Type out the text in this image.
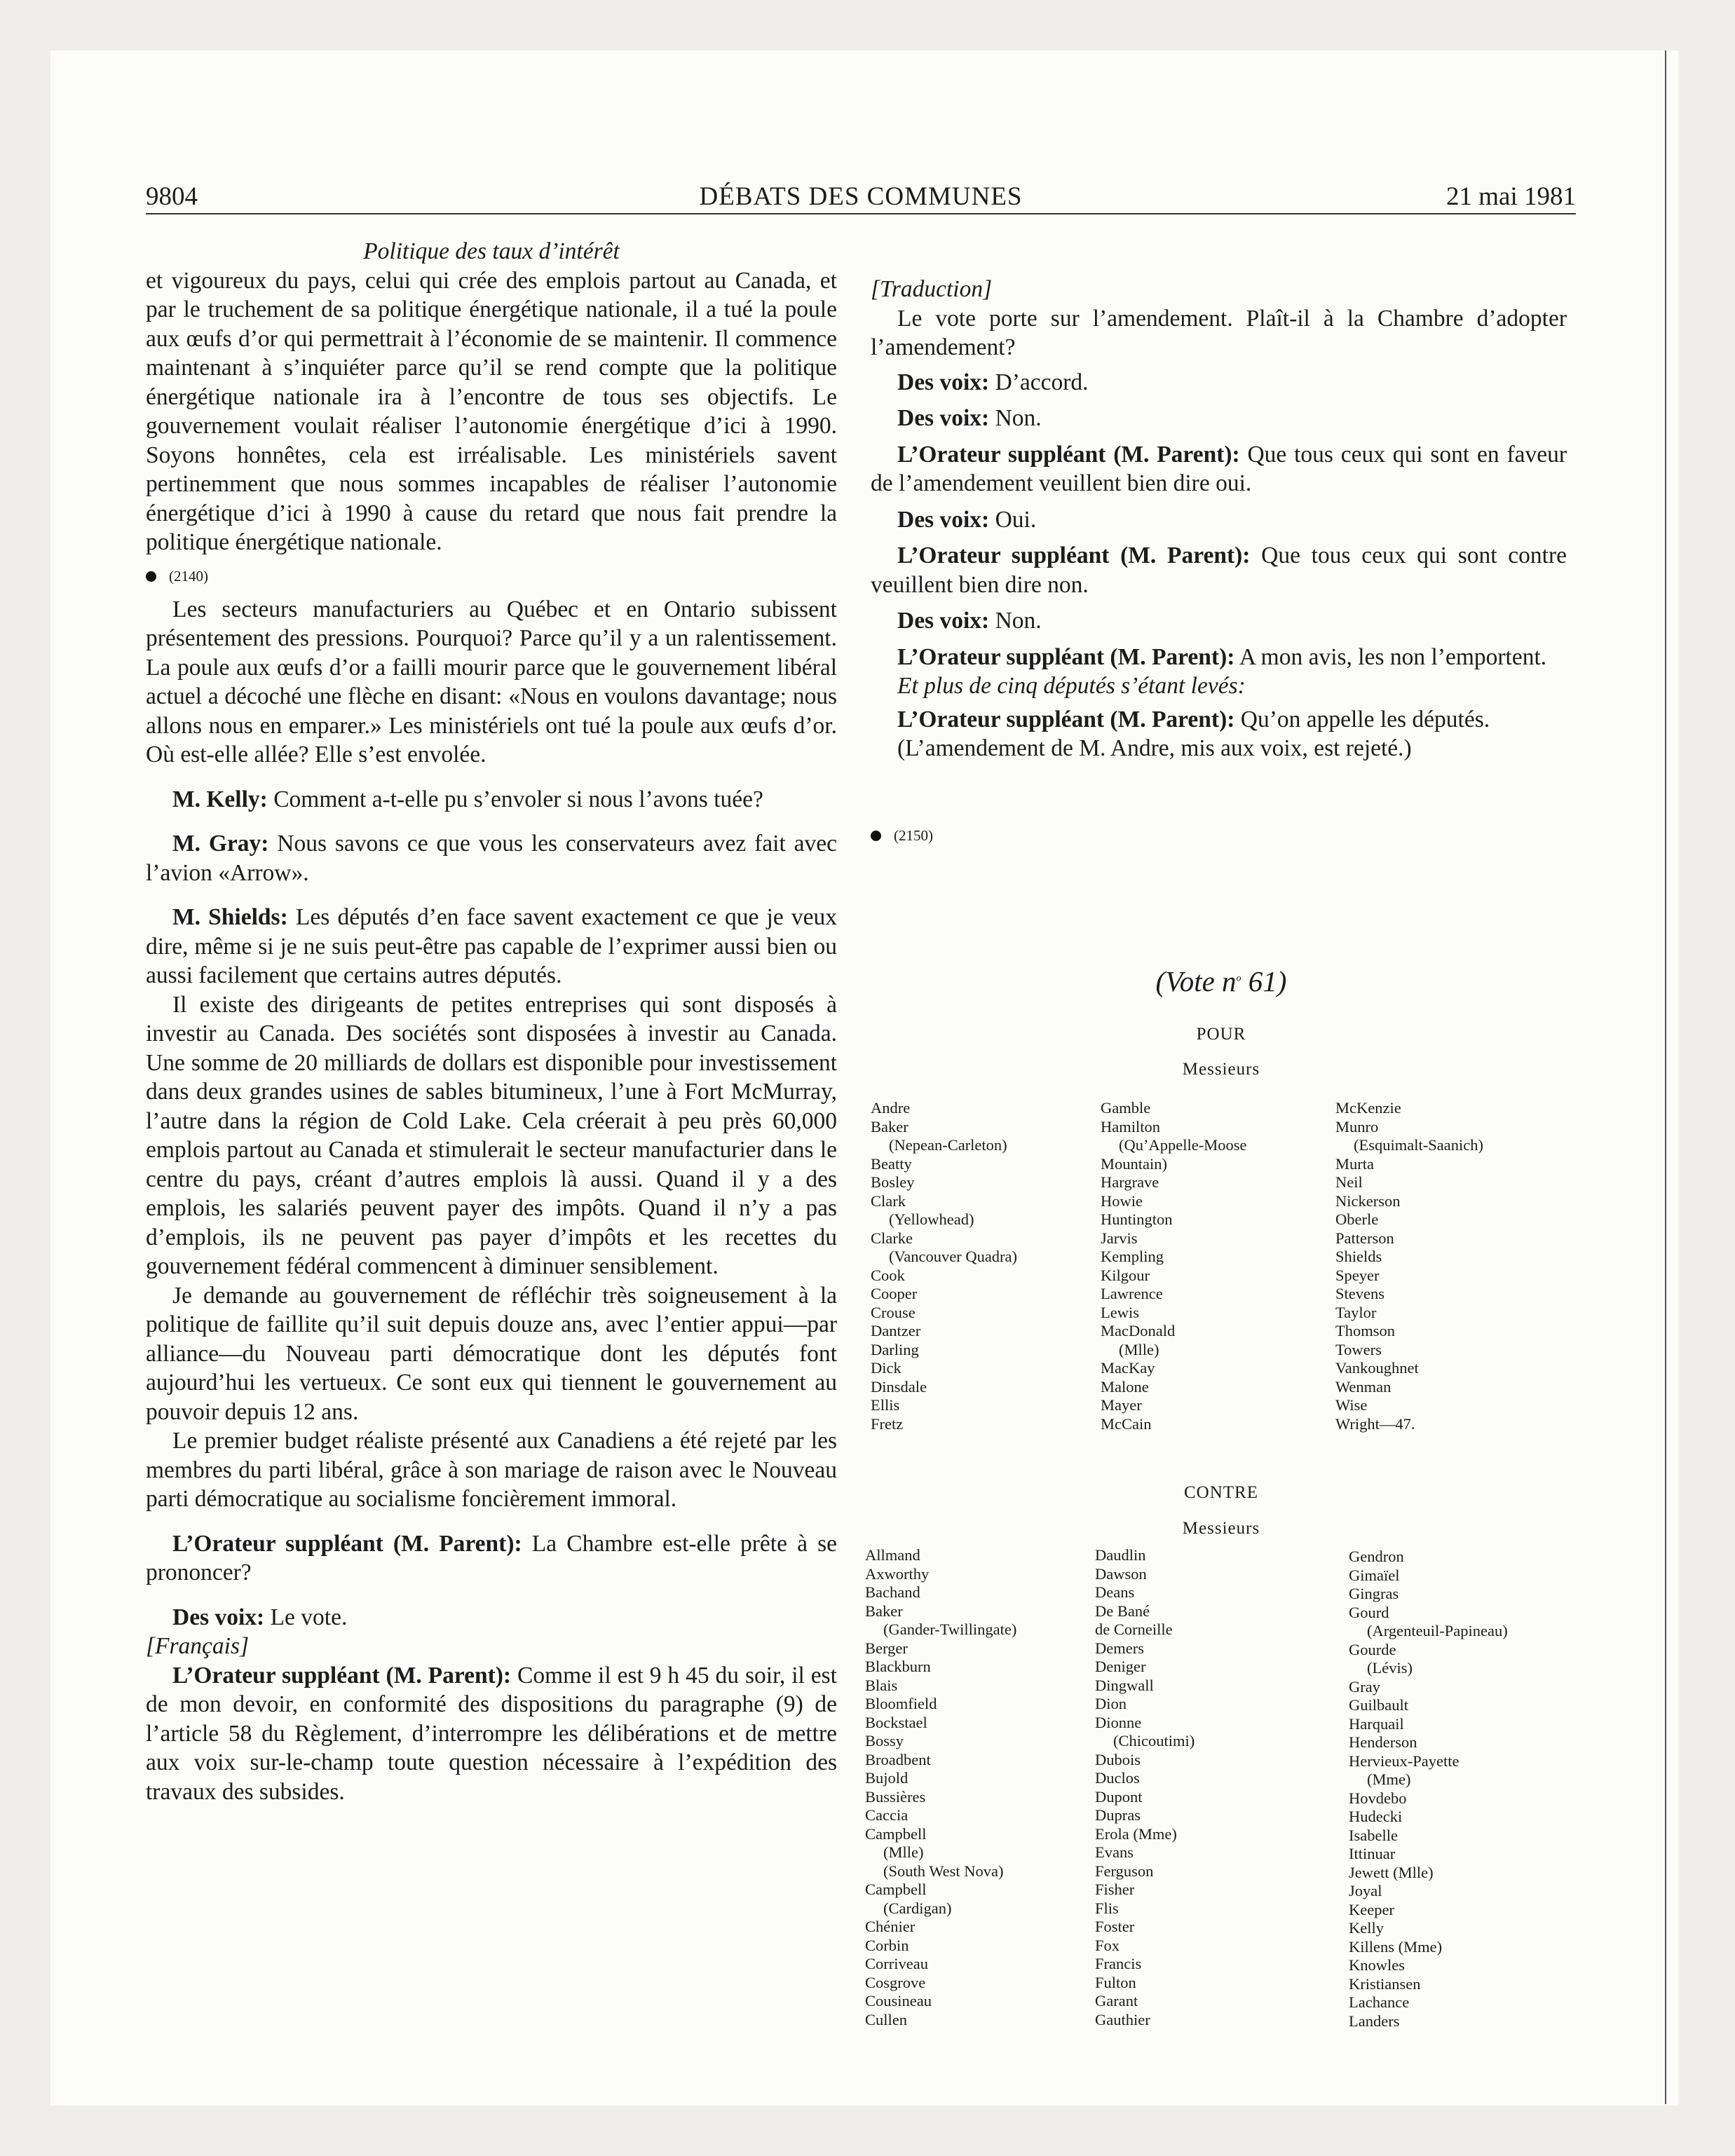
9804	DÉBATS DES COMMUNES	21 mai 1981

Politique des taux d’intérêt

et vigoureux du pays, celui qui crée des emplois partout au Canada, et par le truchement de sa politique énergétique nationale, il a tué la poule aux œufs d’or qui permettrait à l’économie de se maintenir. Il commence maintenant à s’inquiéter parce qu’il se rend compte que la politique énergétique nationale ira à l’encontre de tous ses objectifs. Le gouvernement voulait réaliser l’autonomie énergétique d’ici à 1990. Soyons honnêtes, cela est irréalisable. Les ministériels savent pertinemment que nous sommes incapables de réaliser l’autonomie énergétique d’ici à 1990 à cause du retard que nous fait prendre la politique énergétique nationale.

(2140)

Les secteurs manufacturiers au Québec et en Ontario subissent présentement des pressions. Pourquoi? Parce qu’il y a un ralentissement. La poule aux œufs d’or a failli mourir parce que le gouvernement libéral actuel a décoché une flèche en disant: «Nous en voulons davantage; nous allons nous en emparer.» Les ministériels ont tué la poule aux œufs d’or. Où est-elle allée? Elle s’est envolée.

M. Kelly: Comment a-t-elle pu s’envoler si nous l’avons tuée?

M. Gray: Nous savons ce que vous les conservateurs avez fait avec l’avion «Arrow».

M. Shields: Les députés d’en face savent exactement ce que je veux dire, même si je ne suis peut-être pas capable de l’exprimer aussi bien ou aussi facilement que certains autres députés.

Il existe des dirigeants de petites entreprises qui sont disposés à investir au Canada. Des sociétés sont disposées à investir au Canada. Une somme de 20 milliards de dollars est disponible pour investissement dans deux grandes usines de sables bitumineux, l’une à Fort McMurray, l’autre dans la région de Cold Lake. Cela créerait à peu près 60,000 emplois partout au Canada et stimulerait le secteur manufacturier dans le centre du pays, créant d’autres emplois là aussi. Quand il y a des emplois, les salariés peuvent payer des impôts. Quand il n’y a pas d’emplois, ils ne peuvent pas payer d’impôts et les recettes du gouvernement fédéral commencent à diminuer sensiblement.

Je demande au gouvernement de réfléchir très soigneusement à la politique de faillite qu’il suit depuis douze ans, avec l’entier appui—par alliance—du Nouveau parti démocratique dont les députés font aujourd’hui les vertueux. Ce sont eux qui tiennent le gouvernement au pouvoir depuis 12 ans.

Le premier budget réaliste présenté aux Canadiens a été rejeté par les membres du parti libéral, grâce à son mariage de raison avec le Nouveau parti démocratique au socialisme foncièrement immoral.

L’Orateur suppléant (M. Parent): La Chambre est-elle prête à se prononcer?

Des voix: Le vote.

[Français]

L’Orateur suppléant (M. Parent): Comme il est 9 h 45 du soir, il est de mon devoir, en conformité des dispositions du paragraphe (9) de l’article 58 du Règlement, d’interrompre les délibérations et de mettre aux voix sur-le-champ toute question nécessaire à l’expédition des travaux des subsides.

[Traduction]

Le vote porte sur l’amendement. Plaît-il à la Chambre d’adopter l’amendement?

Des voix: D’accord.

Des voix: Non.

L’Orateur suppléant (M. Parent): Que tous ceux qui sont en faveur de l’amendement veuillent bien dire oui.

Des voix: Oui.

L’Orateur suppléant (M. Parent): Que tous ceux qui sont contre veuillent bien dire non.

Des voix: Non.

L’Orateur suppléant (M. Parent): A mon avis, les non l’emportent.

Et plus de cinq députés s’étant levés:

L’Orateur suppléant (M. Parent): Qu’on appelle les députés.

(L’amendement de M. Andre, mis aux voix, est rejeté.)

(2150)
(Vote $n^o$ 61)
POUR
Messieurs
Andre
Baker
(Nepean-Carleton)
Beatty
Bosley
Clark
(Yellowhead)
Clarke
(Vancouver Quadra)
Cook
Cooper
Crouse
Dantzer
Darling
Dick
Dinsdale
Ellis
Fretz
Gamble
Hamilton
(Qu’Appelle-Moose
Mountain)
Hargrave
Howie
Huntington
Jarvis
Kempling
Kilgour
Lawrence
Lewis
MacDonald
(Mlle)
MacKay
Malone
Mayer
McCain
McKenzie
Munro
(Esquimalt-Saanich)
Murta
Neil
Nickerson
Oberle
Patterson
Shields
Speyer
Stevens
Taylor
Thomson
Towers
Vankoughnet
Wenman
Wise
Wright—47.
CONTRE
Messieurs
Allmand
Axworthy
Bachand
Baker
(Gander-Twillingate)
Berger
Blackburn
Blais
Bloomfield
Bockstael
Bossy
Broadbent
Bujold
Bussières
Caccia
Campbell
(Mlle)
(South West Nova)
Campbell
(Cardigan)
Chénier
Corbin
Corriveau
Cosgrove
Cousineau
Cullen
Daudlin
Dawson
Deans
De Bané
de Corneille
Demers
Deniger
Dingwall
Dion
Dionne
(Chicoutimi)
Dubois
Duclos
Dupont
Dupras
Erola (Mme)
Evans
Ferguson
Fisher
Flis
Foster
Fox
Francis
Fulton
Garant
Gauthier
Gendron
Gimaïel
Gingras
Gourd
(Argenteuil-Papineau)
Gourde
(Lévis)
Gray
Guilbault
Harquail
Henderson
Hervieux-Payette
(Mme)
Hovdebo
Hudecki
Isabelle
Ittinuar
Jewett (Mlle)
Joyal
Keeper
Kelly
Killens (Mme)
Knowles
Kristiansen
Lachance
Landers
